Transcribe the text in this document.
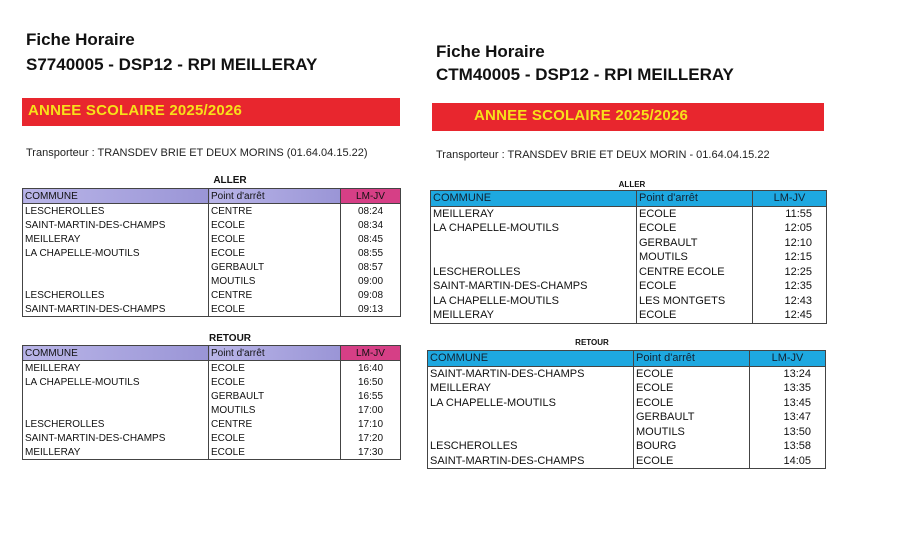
Fiche Horaire
S7740005 - DSP12 - RPI MEILLERAY
ANNEE SCOLAIRE 2025/2026
Transporteur : TRANSDEV BRIE ET DEUX MORINS (01.64.04.15.22)
ALLER
COMMUNE	Point d'arrêt	LM-JV
LESCHEROLLES	CENTRE	08:24
SAINT-MARTIN-DES-CHAMPS	ECOLE	08:34
MEILLERAY	ECOLE	08:45
LA CHAPELLE-MOUTILS	ECOLE	08:55
	GERBAULT	08:57
	MOUTILS	09:00
LESCHEROLLES	CENTRE	09:08
SAINT-MARTIN-DES-CHAMPS	ECOLE	09:13
RETOUR
COMMUNE	Point d'arrêt	LM-JV
MEILLERAY	ECOLE	16:40
LA CHAPELLE-MOUTILS	ECOLE	16:50
	GERBAULT	16:55
	MOUTILS	17:00
LESCHEROLLES	CENTRE	17:10
SAINT-MARTIN-DES-CHAMPS	ECOLE	17:20
MEILLERAY	ECOLE	17:30
Fiche Horaire
CTM40005 - DSP12 - RPI MEILLERAY
ANNEE SCOLAIRE 2025/2026
Transporteur : TRANSDEV BRIE ET DEUX MORIN - 01.64.04.15.22
ALLER
COMMUNE	Point d'arrêt	LM-JV
MEILLERAY	ECOLE	11:55
LA CHAPELLE-MOUTILS	ECOLE	12:05
	GERBAULT	12:10
	MOUTILS	12:15
LESCHEROLLES	CENTRE ECOLE	12:25
SAINT-MARTIN-DES-CHAMPS	ECOLE	12:35
LA CHAPELLE-MOUTILS	LES MONTGETS	12:43
MEILLERAY	ECOLE	12:45
RETOUR
COMMUNE	Point d'arrêt	LM-JV
SAINT-MARTIN-DES-CHAMPS	ECOLE	13:24
MEILLERAY	ECOLE	13:35
LA CHAPELLE-MOUTILS	ECOLE	13:45
	GERBAULT	13:47
	MOUTILS	13:50
LESCHEROLLES	BOURG	13:58
SAINT-MARTIN-DES-CHAMPS	ECOLE	14:05
